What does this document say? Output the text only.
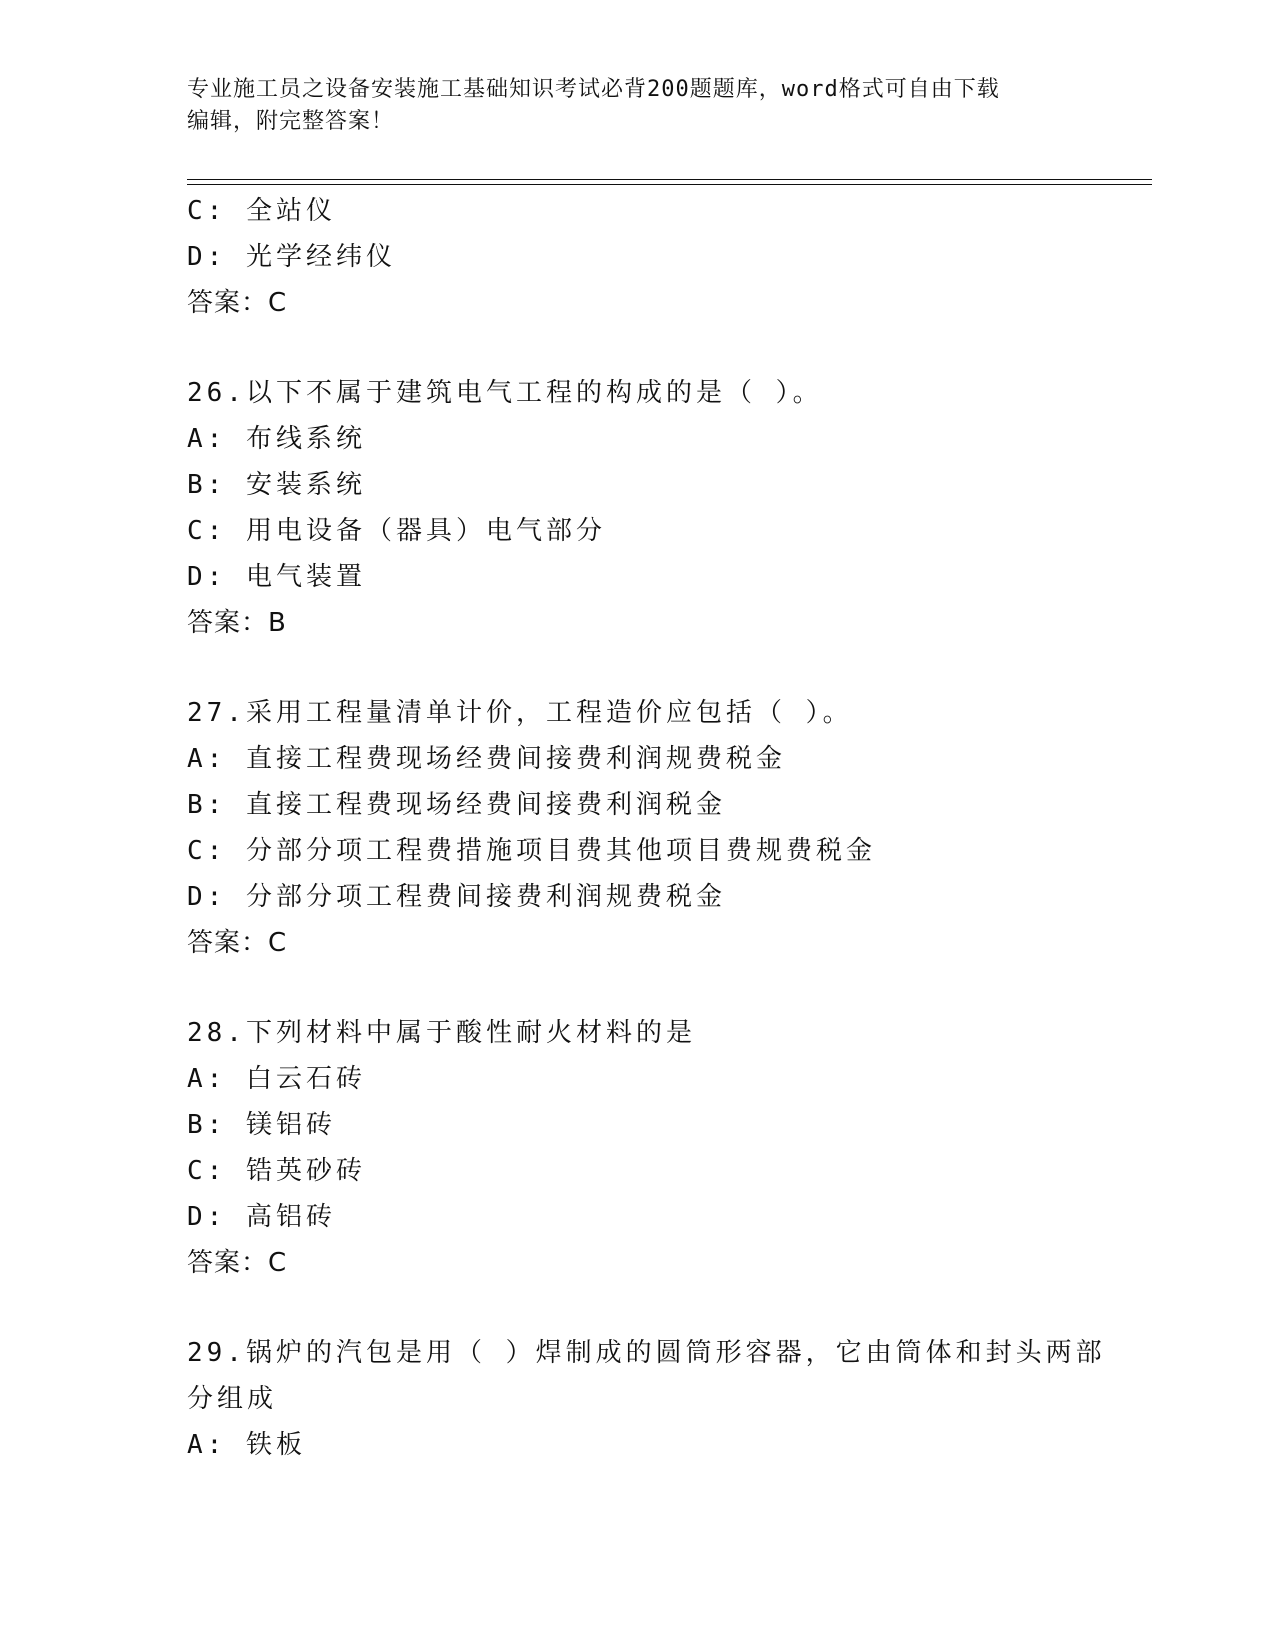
专业施工员之设备安装施工基础知识考试必背200题题库，word格式可自由下载
编辑，附完整答案！
C: 全站仪
D: 光学经纬仪
答案：C
26.以下不属于建筑电气工程的构成的是（ ）。
A: 布线系统
B: 安装系统
C: 用电设备（器具）电气部分
D: 电气装置
答案：B
27.采用工程量清单计价，工程造价应包括（ ）。
A: 直接工程费现场经费间接费利润规费税金
B: 直接工程费现场经费间接费利润税金
C: 分部分项工程费措施项目费其他项目费规费税金
D: 分部分项工程费间接费利润规费税金
答案：C
28.下列材料中属于酸性耐火材料的是
A: 白云石砖
B: 镁铝砖
C: 锆英砂砖
D: 高铝砖
答案：C
29.锅炉的汽包是用（ ）焊制成的圆筒形容器，它由筒体和封头两部
分组成
A: 铁板
